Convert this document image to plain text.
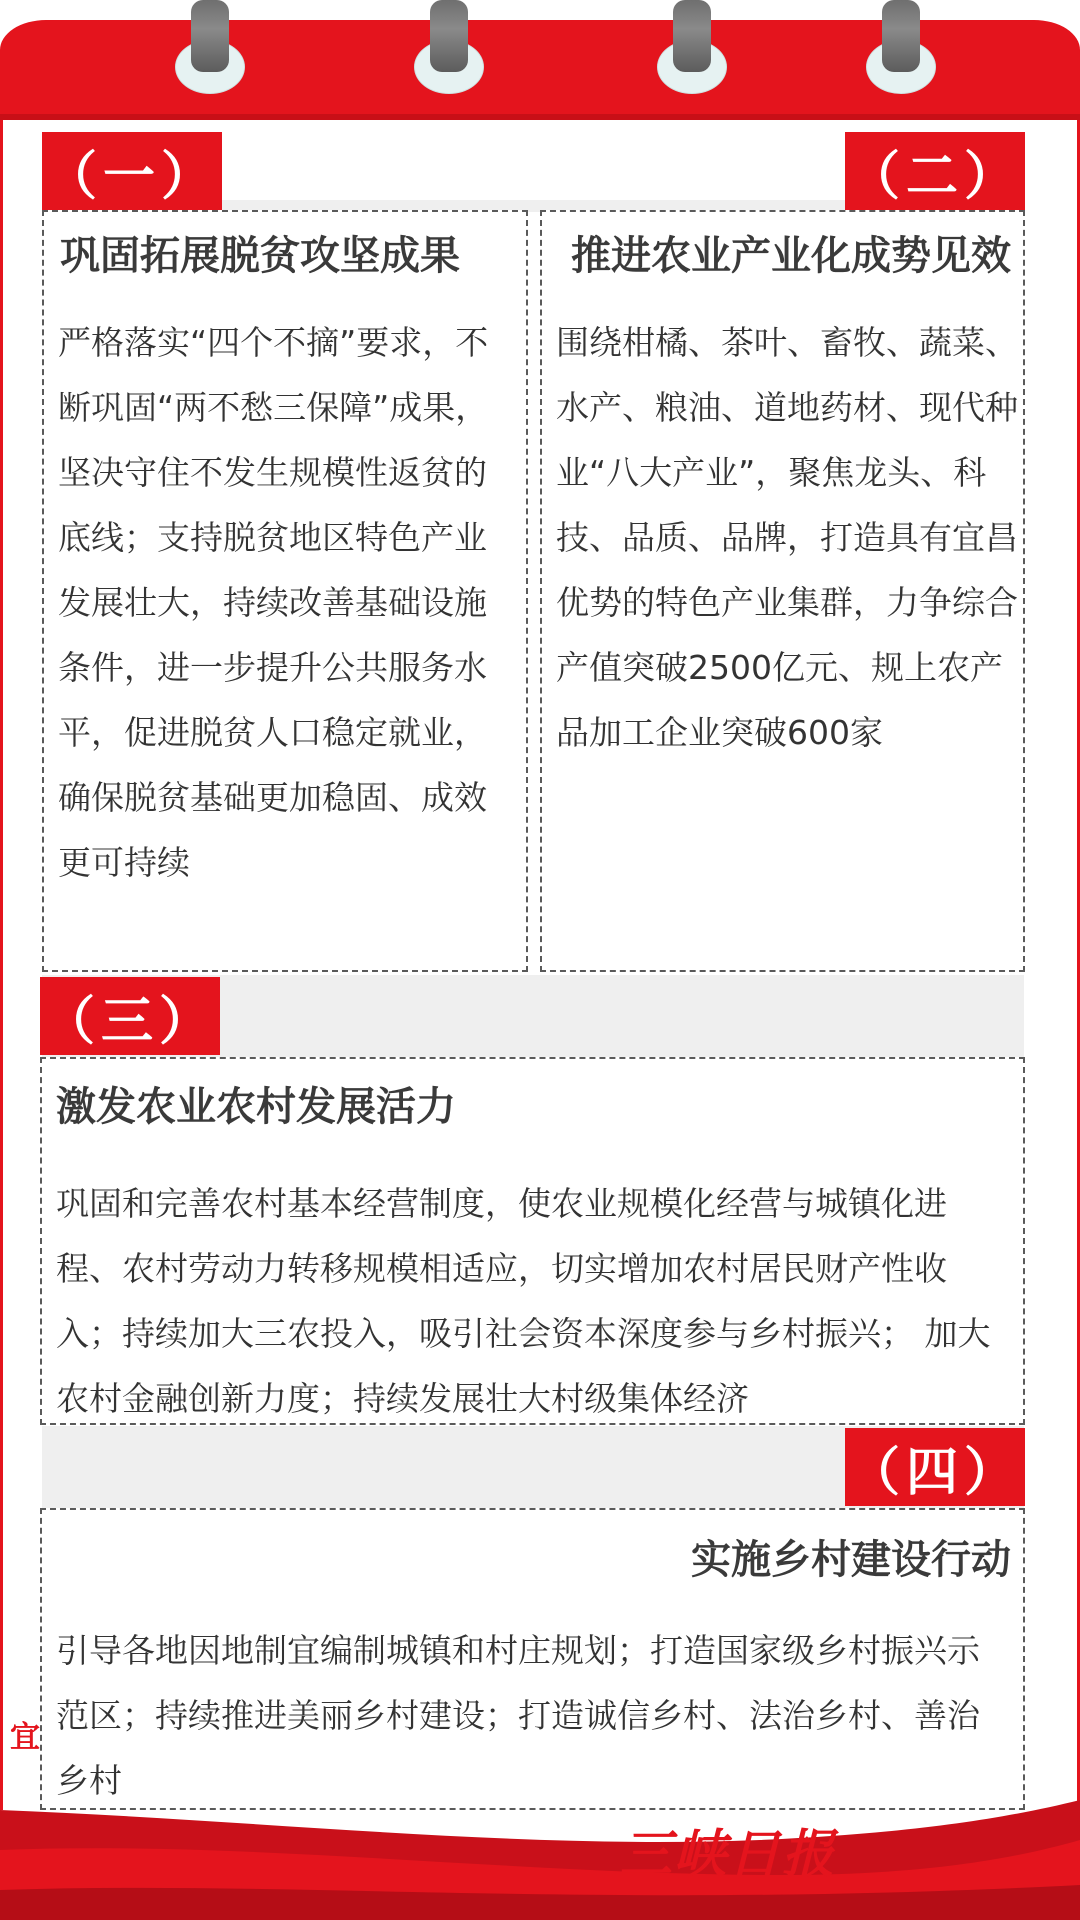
（一）
巩固拓展脱贫攻坚成果
严格落实“四个不摘”要求，不断巩固“两不愁三保障”成果，坚决守住不发生规模性返贫的底线；支持脱贫地区特色产业发展壮大，持续改善基础设施条件，进一步提升公共服务水平，促进脱贫人口稳定就业，确保脱贫基础更加稳固、成效更可持续
（二）
推进农业产业化成势见效
围绕柑橘、茶叶、畜牧、蔬菜、水产、粮油、道地药材、现代种业“八大产业”，聚焦龙头、科技、品质、品牌，打造具有宜昌优势的特色产业集群，力争综合产值突破2500亿元、规上农产品加工企业突破600家
（三）
激发农业农村发展活力
巩固和完善农村基本经营制度，使农业规模化经营与城镇化进程、农村劳动力转移规模相适应，切实增加农村居民财产性收入；持续加大三农投入，吸引社会资本深度参与乡村振兴； 加大农村金融创新力度；持续发展壮大村级集体经济
（四）
实施乡村建设行动
引导各地因地制宜编制城镇和村庄规划；打造国家级乡村振兴示范区；持续推进美丽乡村建设；打造诚信乡村、法治乡村、善治乡村
宜
三峡日报
